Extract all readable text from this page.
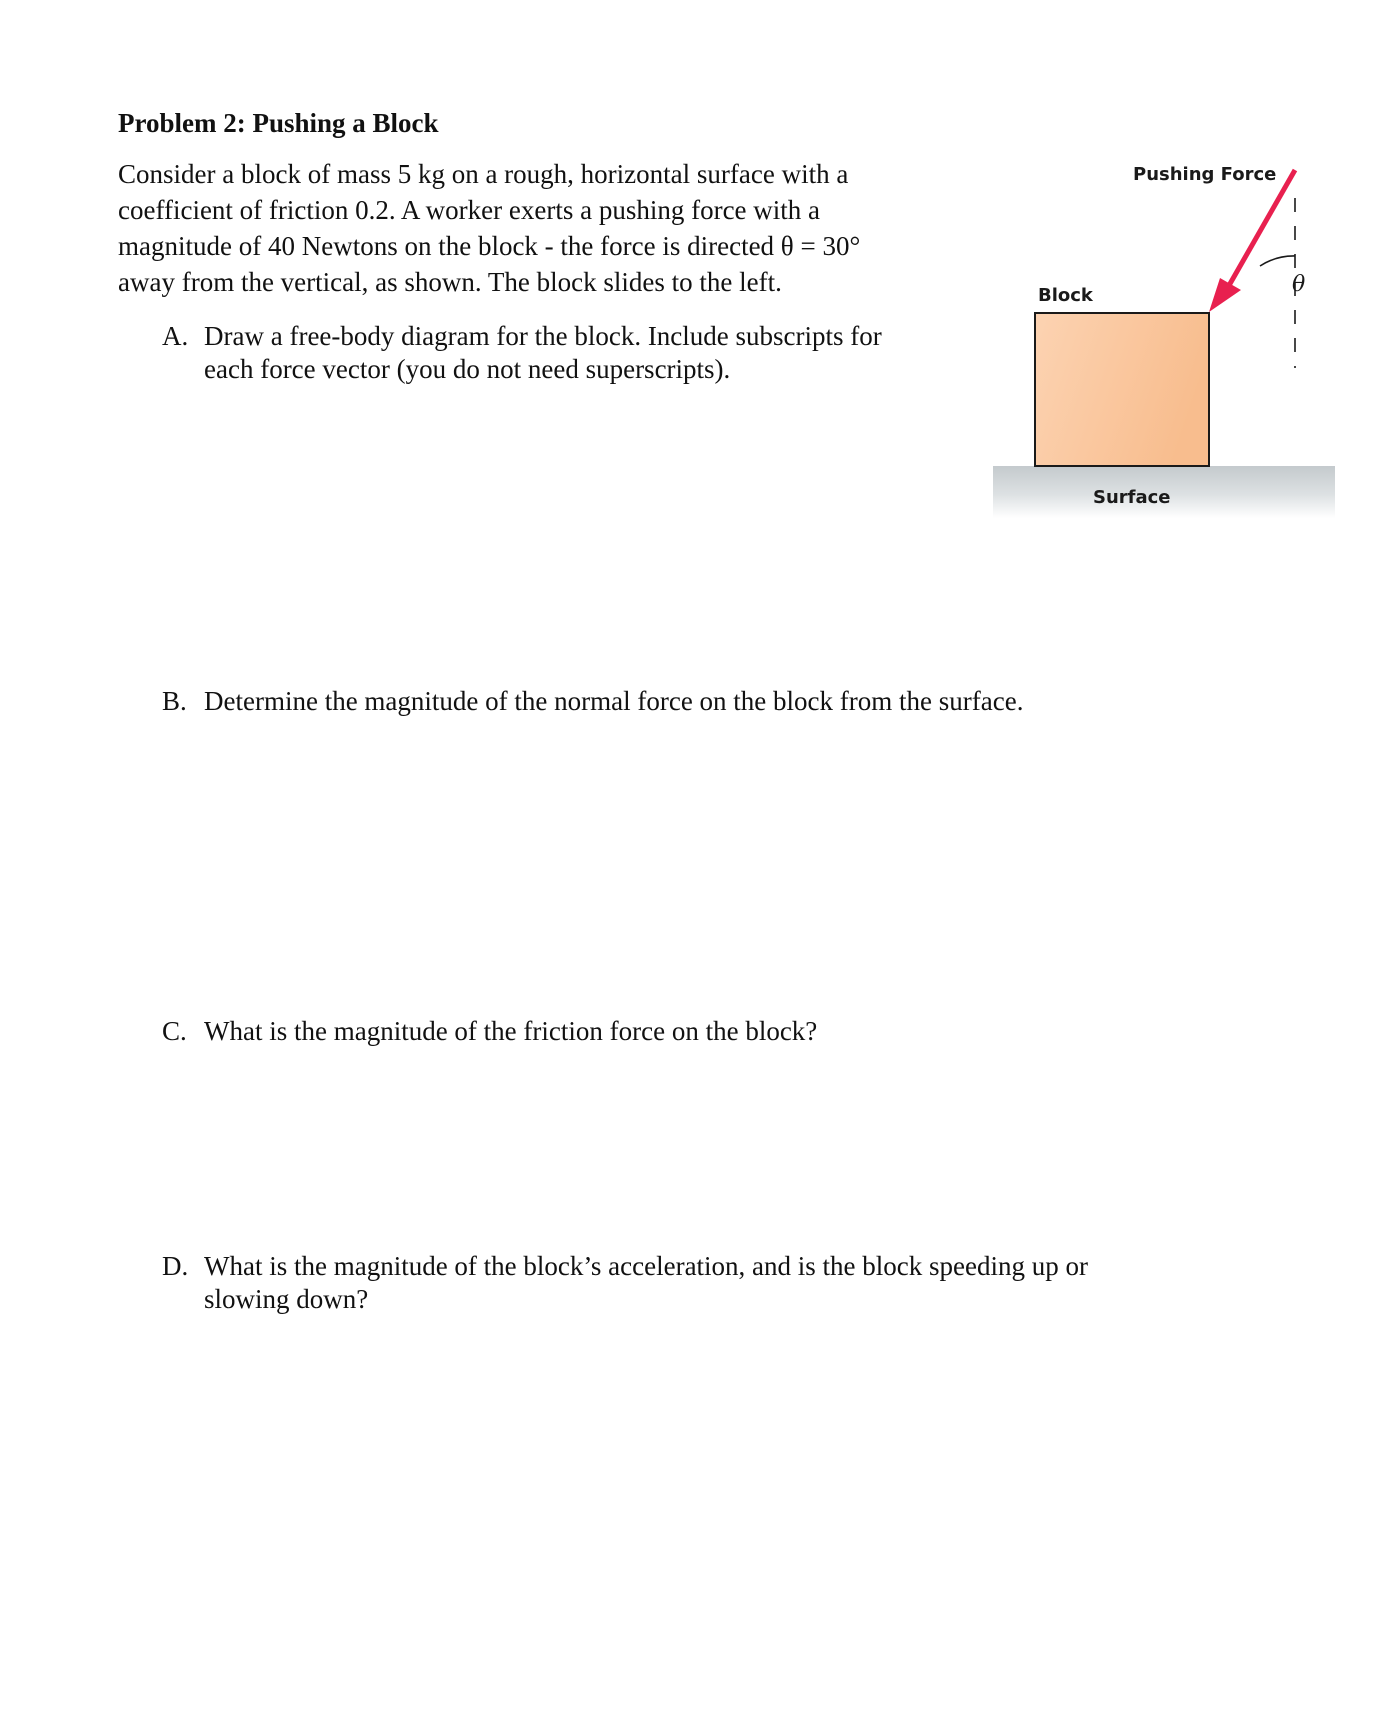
Problem 2: Pushing a Block
Consider a block of mass 5 kg on a rough, horizontal surface with a
coefficient of friction 0.2. A worker exerts a pushing force with a
magnitude of 40 Newtons on the block - the force is directed θ = 30°
away from the vertical, as shown. The block slides to the left.
Pushing Force
Block
Surface
θ
A. Draw a free-body diagram for the block. Include subscripts for
each force vector (you do not need superscripts).
B. Determine the magnitude of the normal force on the block from the surface.
C. What is the magnitude of the friction force on the block?
D. What is the magnitude of the block’s acceleration, and is the block speeding up or
slowing down?
